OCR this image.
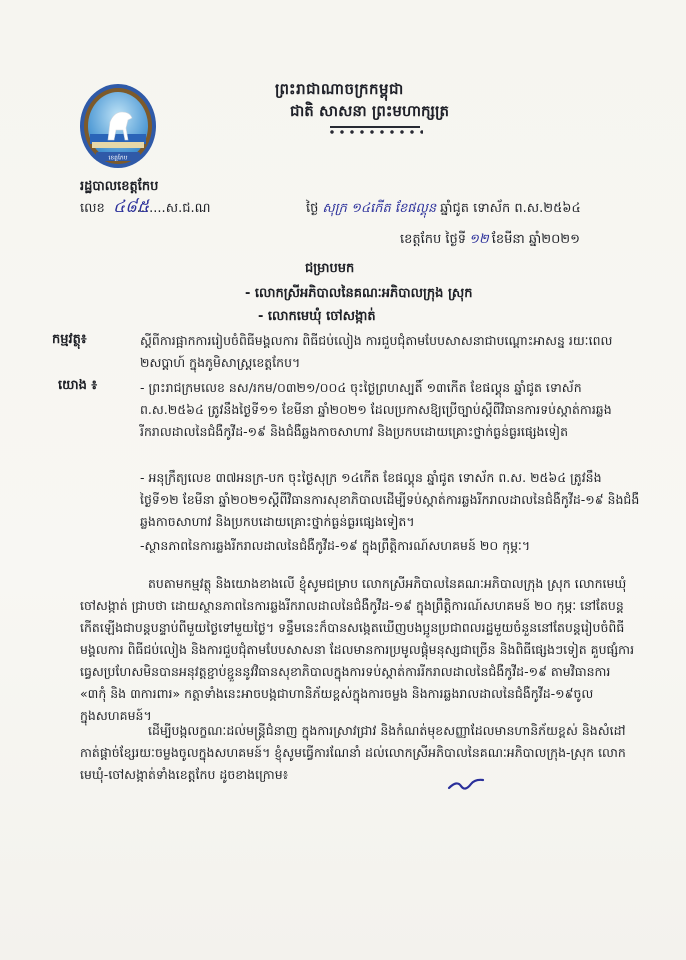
ព្រះរាជាណាចក្រកម្ពុជា
ជាតិ សាសនា ព្រះមហាក្សត្រ
ខេត្តកែប
រដ្ឋបាលខេត្តកែប
លេខ .......ស.ជ.ណ
៤៨៥	ថ្ងៃ សុក្រ ១៤កើត ខែផល្គុន ឆ្នាំជូត ទោស័ក ព.ស.២៥៦៤
ខេត្តកែប ថ្ងៃទី ១២ ខែមីនា ឆ្នាំ២០២១
ជម្រាបមក
- លោកស្រីអភិបាលនៃគណៈអភិបាលក្រុង ស្រុក
- លោកមេឃុំ ចៅសង្កាត់
កម្មវត្ថុ៖	ស្តីពីការផ្អាកការរៀបចំពិធីមង្គលការ ពិធីជប់លៀង ការជួបជុំតាមបែបសាសនាជាបណ្តោះអាសន្ន រយៈពេល ២សប្តាហ៍ ក្នុងភូមិសាស្ត្រខេត្តកែប។
យោង ៖	- ព្រះរាជក្រមលេខ នស/រកម/០៣២១/០០៤ ចុះថ្ងៃព្រហស្បតិ៍ ១៣កើត ខែផល្គុន ឆ្នាំជូត ទោស័ក ព.ស.២៥៦៤ ត្រូវនឹងថ្ងៃទី១១ ខែមីនា ឆ្នាំ២០២១ ដែលប្រកាសឱ្យប្រើច្បាប់ស្តីពីវិធានការទប់ស្កាត់ការឆ្លងរីករាលដាលនៃជំងឺកូវីដ-១៩ និងជំងឺឆ្លងកាចសាហាវ និងប្រកបដោយគ្រោះថ្នាក់ធ្ងន់ធ្ងរផ្សេងទៀត
- អនុក្រឹត្យលេខ ៣៧អនក្រ-បក ចុះថ្ងៃសុក្រ ១៤កើត ខែផល្គុន ឆ្នាំជូត ទោស័ក ព.ស. ២៥៦៤ ត្រូវនឹងថ្ងៃទី១២ ខែមីនា ឆ្នាំ២០២១ស្តីពីវិធានការសុខាភិបាលដើម្បីទប់ស្កាត់ការឆ្លងរីករាលដាលនៃជំងឺកូវីដ-១៩ និងជំងឺឆ្លងកាចសាហាវ និងប្រកបដោយគ្រោះថ្នាក់ធ្ងន់ធ្ងរផ្សេងទៀត។
-ស្ថានភាពនៃការឆ្លងរីករាលដាលនៃជំងឺកូវីដ-១៩ ក្នុងព្រឹត្តិការណ៍សហគមន៍ ២០ កុម្ភៈ។
តបតាមកម្មវត្ថុ និងយោងខាងលើ ខ្ញុំសូមជម្រាប លោកស្រីអភិបាលនៃគណៈអភិបាលក្រុង ស្រុក លោកមេឃុំ ចៅសង្កាត់ ជ្រាបថា ដោយស្ថានភាពនៃការឆ្លងរីករាលដាលនៃជំងឺកូវីដ-១៩ ក្នុងព្រឹត្តិការណ៍សហគមន៍ ២០ កុម្ភៈ នៅតែបន្តកើតឡើងជាបន្តបន្ទាប់ពីមួយថ្ងៃទៅមួយថ្ងៃ។ ទន្ទឹមនេះក៏បានសង្កេតឃើញបងប្អូនប្រជាពលរដ្ឋមួយចំនួននៅតែបន្តរៀបចំពិធីមង្គលការ ពិធីជប់លៀង និងការជួបជុំតាមបែបសាសនា ដែលមានការប្រមូលផ្តុំមនុស្សជាច្រើន និងពិធីផ្សេងៗទៀត គួបផ្សំការធ្វេសប្រហែសមិនបានអនុវត្តខ្ជាប់ខ្ជួននូវវិធានសុខាភិបាលក្នុងការទប់ស្កាត់ការរីករាលដាលនៃជំងឺកូវីដ-១៩ តាមវិធានការ «៣កុំ និង ៣ការពារ» កត្តាទាំងនេះអាចបង្កជាហានិភ័យខ្ពស់ក្នុងការចម្លង និងការឆ្លងរាលដាលនៃជំងឺកូវីដ-១៩ចូលក្នុងសហគមន៍។
ដើម្បីបង្កលក្ខណៈដល់មន្ត្រីជំនាញ ក្នុងការស្រាវជ្រាវ និងកំណត់មុខសញ្ញាដែលមានហានិភ័យខ្ពស់ និងសំដៅកាត់ផ្តាច់ខ្សែរយៈចម្លងចូលក្នុងសហគមន៍។ ខ្ញុំសូមធ្វើការណែនាំ ដល់លោកស្រីអភិបាលនៃគណៈអភិបាលក្រុង-ស្រុក លោកមេឃុំ-ចៅសង្កាត់ទាំងខេត្តកែប ដូចខាងក្រោម៖
